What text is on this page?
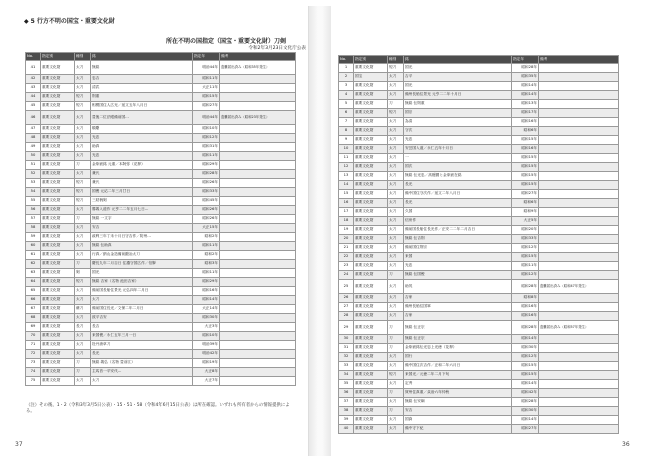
◆ 5 行方不明の国宝・重要文化財
No.	指定別	種別	銘	指定年	備考
41	重要文化財	太刀	無銘	明治44年	盗難届出済み（昭和35年発生）
42	重要文化財	太刀	忠吉	昭和11年	
43	重要文化財	太刀	清武	大正11年	
44	重要文化財	短刀	則重	昭和15年	
45	重要文化財	短刀	相模国住人広光／延文五年八月日	昭和27年	
46	重要文化財	太刀	豊後二位法眼備前国…	明治44年	盗難届出済み（昭和23年発生）
47	重要文化財	太刀	順慶	昭和10年	
48	重要文化財	太刀	光忠	昭和12年	
49	重要文化財	太刀	助真	昭和31年	
50	重要文化財	太刀	光忠	昭和11年	
51	重要文化財	刀	金象嵌銘 元重／本阿弥（花押）	昭和29年	
52	重要文化財	太刀	兼氏	昭和28年	
53	重要文化財	短刀	兼氏	昭和26年	
54	重要文化財	短刀	国俊 元応二年三月廿日	昭和33年	
55	重要文化財	短刀	三鈷柄剣	昭和45年	
56	重要文化財	太刀	勝義入道作 元亨二二年五月七日…	昭和26年	
57	重要文化財	刀	無銘 一文字	昭和26年	
58	重要文化財	太刀	安吉	大正15年	
59	重要文化財	太刀	政利三年丁未十月日守吉作／防州…	昭和2年	
60	重要文化財	太刀	無銘 伝助真	昭和11年	
61	重要文化財	太刀	行真／納山金造備前鍛冶太刀	昭和2年	
62	重要文化財	刀	慶長九年二月吉日 住濃守国広作／信賢	昭和3年	
63	重要文化財	剣	国光	昭和11年	
64	重要文化財	短刀	無銘 吉家（名物 池田吉家）	昭和29年	
65	重要文化財	太刀	備前国長船住景光 元弘四年二月日	昭和16年	
66	重要文化財	太刀	太刀	昭和14年	
67	重要文化財	薙刀	備前国住長光／文保二年二月日	大正14年	
68	重要文化財	太刀	波平吉安	昭和30年	
69	重要文化財	長刀	長吉	大正3年	
70	重要文化財	太刀	来国俊／永仁五年三月一日	昭和10年	
71	重要文化財	太刀	牡丹唐草刀	明治39年	
72	重要文化財	太刀	長光	明治42年	
73	重要文化財	刀	無銘 義弘（名物 豊前江）	昭和19年	
74	重要文化財	刀	主馬首一平安代…	大正8年	
75	重要文化財	太刀	太刀	大正7年	
所在不明の国指定（国宝・重要文化財）刀剣
令和2年3月23日文化庁公表
No.	指定別	種別	銘	指定年	備考
1	重要文化財	短刀	国光	昭和28年	
2	国宝	太刀	吉平	昭和35年	
3	重要文化財	太刀	国光	昭和14年	
4	重要文化財	太刀	備州長船住景光 元亨二二年十月日	昭和14年	
5	重要文化財	刀	無銘 伝則重	昭和13年	
6	重要文化財	短刀	国宗	昭和17年	
7	重要文化財	太刀	為清	昭和16年	
8	重要文化財	太刀	守次	昭和6年	
9	重要文化財	太刀	光忠	昭和15年	
10	重要文化財	太刀	安芸国入道／永仁五年十月日	昭和16年	
11	重要文化財	太刀	一	昭和15年	
12	重要文化財	太刀	国次	昭和15年	
13	重要文化財	太刀	無銘 伝光忠／高檀國と金象嵌在銘	昭和15年	
14	重要文化財	太刀	長光	昭和15年	
15	重要文化財	太刀	備中国住守次作／延文二年八月日	昭和27年	
16	重要文化財	太刀	長光	昭和6年	
17	重要文化財	太刀	久国	昭和9年	
18	重要文化財	太刀	信房作	大正5年	
19	重要文化財	太刀	備前国長船住長光作／正安二二年二月吉日	昭和20年	
20	重要文化財	太刀	無銘 伝吉則	昭和33年	
21	重要文化財	太刀	備前国住則宗	昭和12年	
22	重要文化財	太刀	来国	昭和15年	
23	重要文化財	太刀	光忠	昭和11年	
24	重要文化財	刀	無銘 伝国俊	昭和12年	
25	重要文化財	太刀	助茂	昭和28年	盗難届出済み（昭和47年発生）
26	重要文化財	太刀	吉家	昭和8年	
27	重要文化財	太刀	備州長船住国軍	昭和16年	
28	重要文化財	太刀	吉家	昭和16年	
29	重要文化財	刀	無銘 伝正宗	昭和28年	盗難届出済み（昭和57年発生）
30	重要文化財	刀	無銘 伝正宗	昭和14年	
31	重要文化財	刀	金象嵌銘伝光忠上光徳（花押）	昭和30年	
32	重要文化財	太刀	国行	昭和12年	
33	重要文化財	太刀	備中国住次吉作／正和二年六月日	昭和15年	
34	重要文化財	短刀	来国光／元徳二年二月下旬	昭和15年	
35	重要文化財	太刀	定秀	昭和14年	
36	重要文化財	刀	賀州住真重／貞治六年仲秋	昭和42年	
37	重要文化財	太刀	無銘 伝安綱	昭和28年	
38	重要文化財	刀	安吉	昭和30年	
39	重要文化財	太刀	国資	昭和14年	
40	重要文化財	太刀	備中守下紀	昭和27年	
（注）その後、1・2（令和3年3月5日公表）・15・51・58（令和4年6月15日公表）は所在確認。いずれも所有者からの情報提供による。
37	36
